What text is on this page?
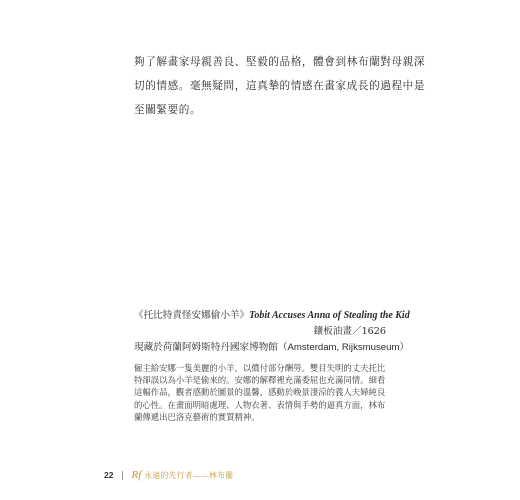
夠了解畫家母親善良、堅毅的品格，體會到林布蘭對母親深
切的情感。毫無疑問，這真摯的情感在畫家成長的過程中是
至關緊要的。
《托比特責怪安娜偷小羊》Tobit Accuses Anna of Stealing the Kid
鑲板油畫／1626
現藏於荷蘭阿姆斯特丹國家博物館（Amsterdam, Rijksmuseum）
僱主給安娜一隻美麗的小羊，以償付部分酬勞。雙目失明的丈夫托比
特卻誤以為小羊是偷來的。安娜的解釋裡充滿委屈也充滿同情。細看
這幅作品，觀者感動於圖景的溫馨，感動於晚景淒涼的義人夫婦純良
的心性。在畫面明暗處理、人物衣著、表情與手勢的逼真方面，林布
蘭傳遞出巴洛克藝術的實質精神。
22 Rf 永遠的先行者——林布蘭
